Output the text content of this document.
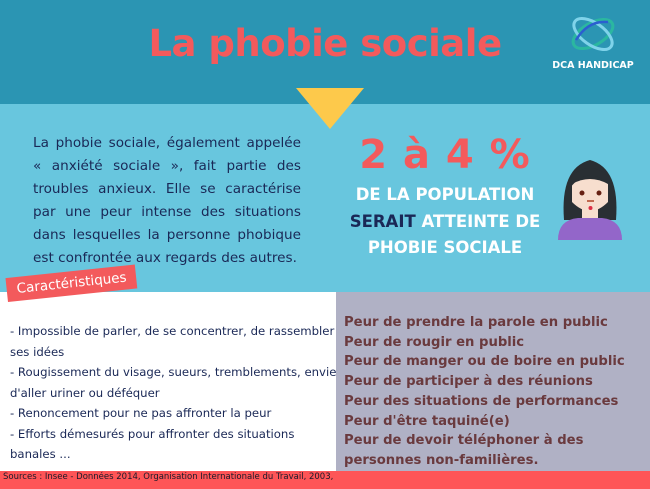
La phobie sociale
DCA HANDICAP

La phobie sociale, également appelée « anxiété sociale », fait partie des troubles anxieux. Elle se caractérise par une peur intense des situations dans lesquelles la personne phobique est confrontée aux regards des autres.

2 à 4 %
DE LA POPULATION
SERAIT ATTEINTE DE
PHOBIE SOCIALE
Caractéristiques
- Impossible de parler, de se concentrer, de rassembler ses idées
- Rougissement du visage, sueurs, tremblements, envie d'aller uriner ou déféquer
- Renoncement pour ne pas affronter la peur
- Efforts démesurés pour affronter des situations banales ...
Peur de prendre la parole en public
Peur de rougir en public
Peur de manger ou de boire en public
Peur de participer à des réunions
Peur des situations de performances
Peur d'être taquiné(e)
Peur de devoir téléphoner à des personnes non-familières.
Sources : Insee - Données 2014, Organisation Internationale du Travail, 2003,
